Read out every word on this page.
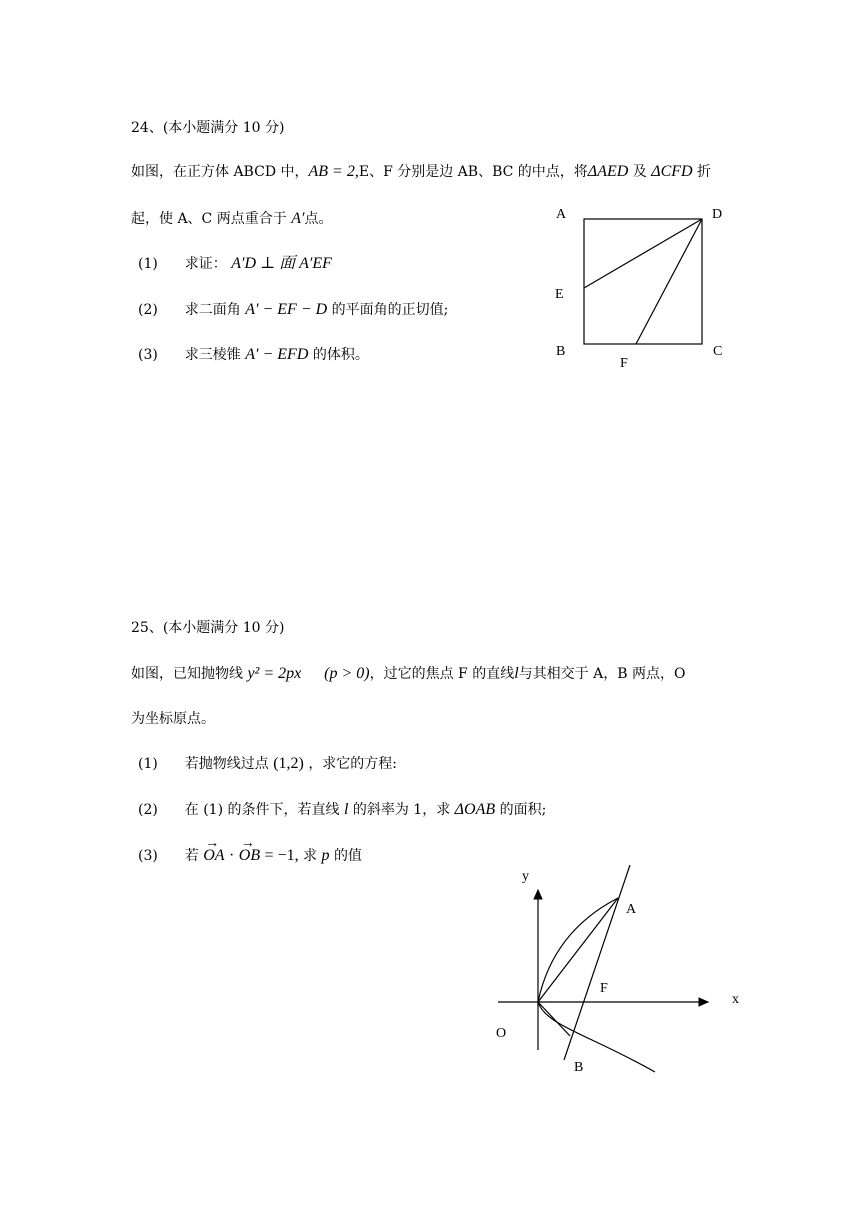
24、(本小题满分 10 分)
如图，在正方体 ABCD 中，AB = 2,E、F 分别是边 AB、BC 的中点，将ΔAED 及 ΔCFD 折
起，使 A、C 两点重合于 A′点。
(1) 求证： A′D ⊥ 面 A′EF
(2) 求二面角 A′ − EF − D 的平面角的正切值;
(3) 求三棱锥 A′ − EFD 的体积。
A	D
E
B
F
C
25、(本小题满分 10 分)
如图，已知抛物线 y² = 2px (p > 0)，过它的焦点 F 的直线l与其相交于 A，B 两点，O
为坐标原点。
(1) 若抛物线过点 (1,2) ，求它的方程:
(2) 在 (1) 的条件下，若直线 l 的斜率为 1，求 ΔOAB 的面积;
(3) 若 → OA · → OB = −1, 求 p 的值
y
A
F
x
O
B
